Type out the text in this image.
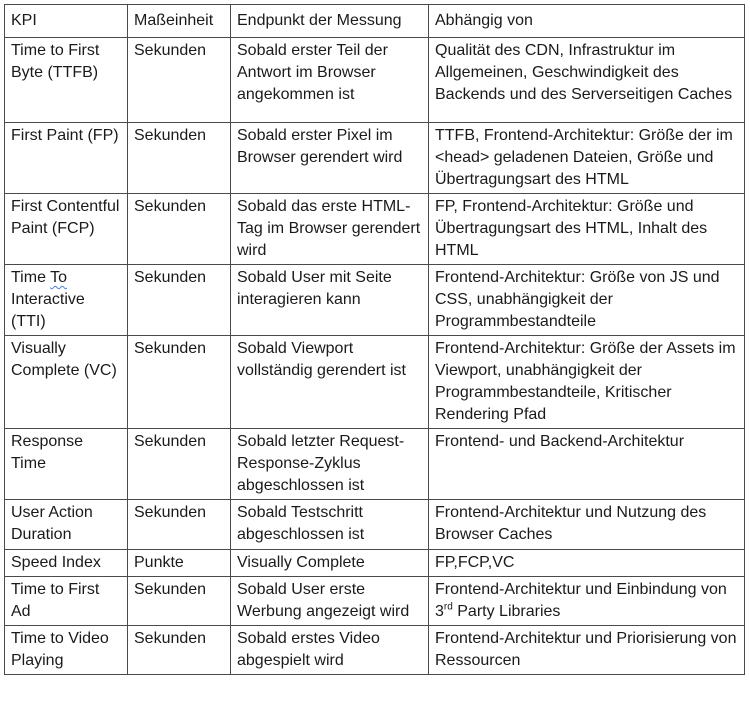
KPI	Maßeinheit	Endpunkt der Messung	Abhängig von
Time to First Byte (TTFB)	Sekunden	Sobald erster Teil der Antwort im Browser angekommen ist	Qualität des CDN, Infrastruktur im Allgemeinen, Geschwindigkeit des Backends und des Serverseitigen Caches
First Paint (FP)	Sekunden	Sobald erster Pixel im Browser gerendert wird	TTFB, Frontend-Architektur: Größe der im <head> geladenen Dateien, Größe und Übertragungsart des HTML
First Contentful Paint (FCP)	Sekunden	Sobald das erste HTML-Tag im Browser gerendert wird	FP, Frontend-Architektur: Größe und Übertragungsart des HTML, Inhalt des HTML
Time To Interactive (TTI)	Sekunden	Sobald User mit Seite interagieren kann	Frontend-Architektur: Größe von JS und CSS, unabhängigkeit der Programmbestandteile
Visually Complete (VC)	Sekunden	Sobald Viewport vollständig gerendert ist	Frontend-Architektur: Größe der Assets im Viewport, unabhängigkeit der Programmbestandteile, Kritischer Rendering Pfad
Response Time	Sekunden	Sobald letzter Request-Response-Zyklus abgeschlossen ist	Frontend- und Backend-Architektur
User Action Duration	Sekunden	Sobald Testschritt abgeschlossen ist	Frontend-Architektur und Nutzung des Browser Caches
Speed Index	Punkte	Visually Complete	FP,FCP,VC
Time to First Ad	Sekunden	Sobald User erste Werbung angezeigt wird	Frontend-Architektur und Einbindung von 3rd Party Libraries
Time to Video Playing	Sekunden	Sobald erstes Video abgespielt wird	Frontend-Architektur und Priorisierung von Ressourcen
